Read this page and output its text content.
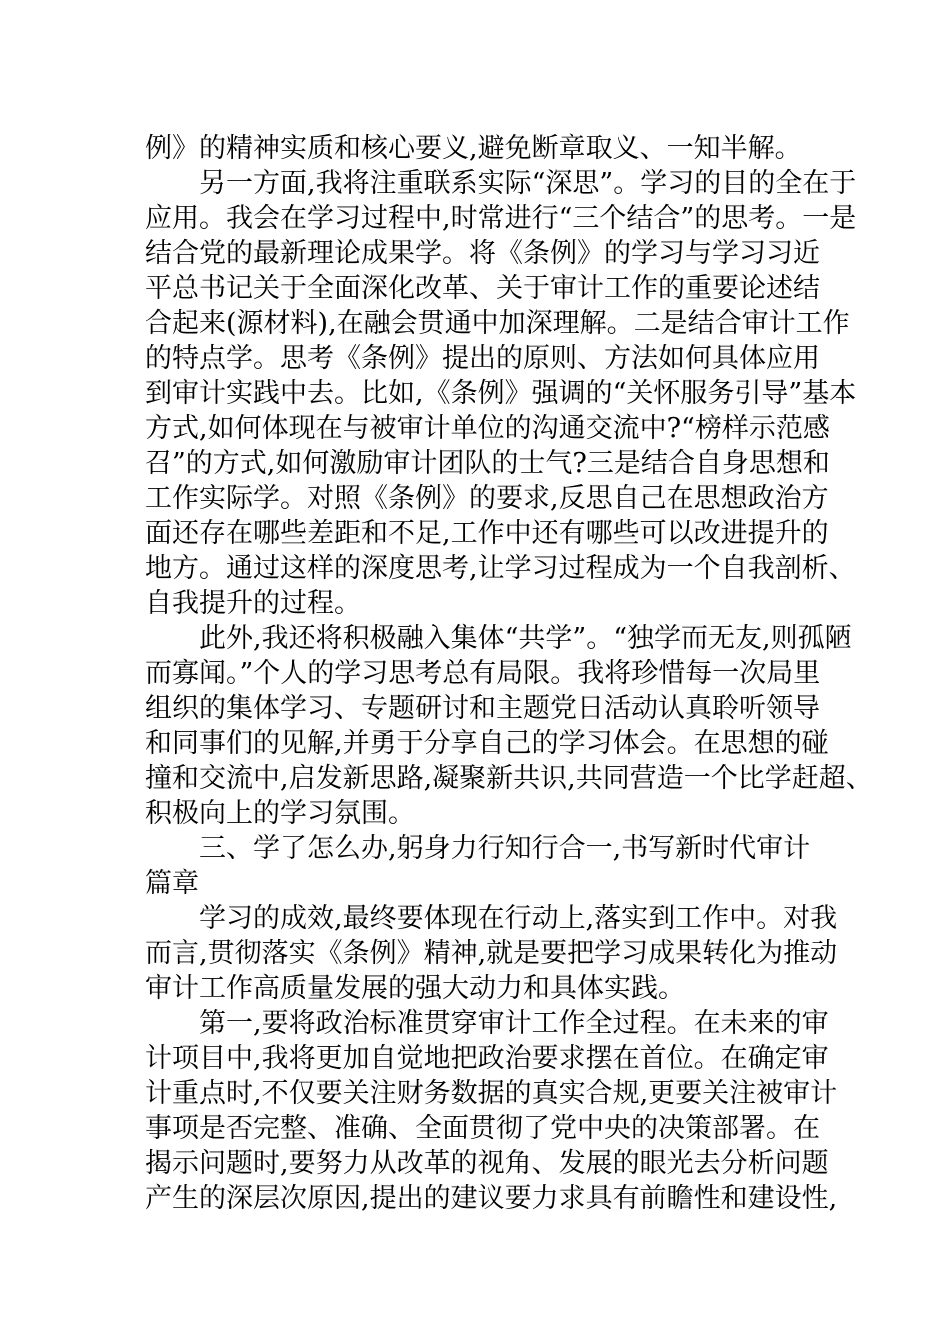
例》的精神实质和核心要义,避免断章取义、一知半解。
另一方面,我将注重联系实际“深思”。学习的目的全在于
应用。我会在学习过程中,时常进行“三个结合”的思考。一是
结合党的最新理论成果学。将《条例》的学习与学习习近
平总书记关于全面深化改革、关于审计工作的重要论述结
合起来(源材料),在融会贯通中加深理解。二是结合审计工作
的特点学。思考《条例》提出的原则、方法如何具体应用
到审计实践中去。比如,《条例》强调的“关怀服务引导”基本
方式,如何体现在与被审计单位的沟通交流中?“榜样示范感
召”的方式,如何激励审计团队的士气?三是结合自身思想和
工作实际学。对照《条例》的要求,反思自己在思想政治方
面还存在哪些差距和不足,工作中还有哪些可以改进提升的
地方。通过这样的深度思考,让学习过程成为一个自我剖析、
自我提升的过程。
此外,我还将积极融入集体“共学”。“独学而无友,则孤陋
而寡闻。”个人的学习思考总有局限。我将珍惜每一次局里
组织的集体学习、专题研讨和主题党日活动认真聆听领导
和同事们的见解,并勇于分享自己的学习体会。在思想的碰
撞和交流中,启发新思路,凝聚新共识,共同营造一个比学赶超、
积极向上的学习氛围。
三、学了怎么办,躬身力行知行合一,书写新时代审计
篇章
学习的成效,最终要体现在行动上,落实到工作中。对我
而言,贯彻落实《条例》精神,就是要把学习成果转化为推动
审计工作高质量发展的强大动力和具体实践。
第一,要将政治标准贯穿审计工作全过程。在未来的审
计项目中,我将更加自觉地把政治要求摆在首位。在确定审
计重点时,不仅要关注财务数据的真实合规,更要关注被审计
事项是否完整、准确、全面贯彻了党中央的决策部署。在
揭示问题时,要努力从改革的视角、发展的眼光去分析问题
产生的深层次原因,提出的建议要力求具有前瞻性和建设性,
